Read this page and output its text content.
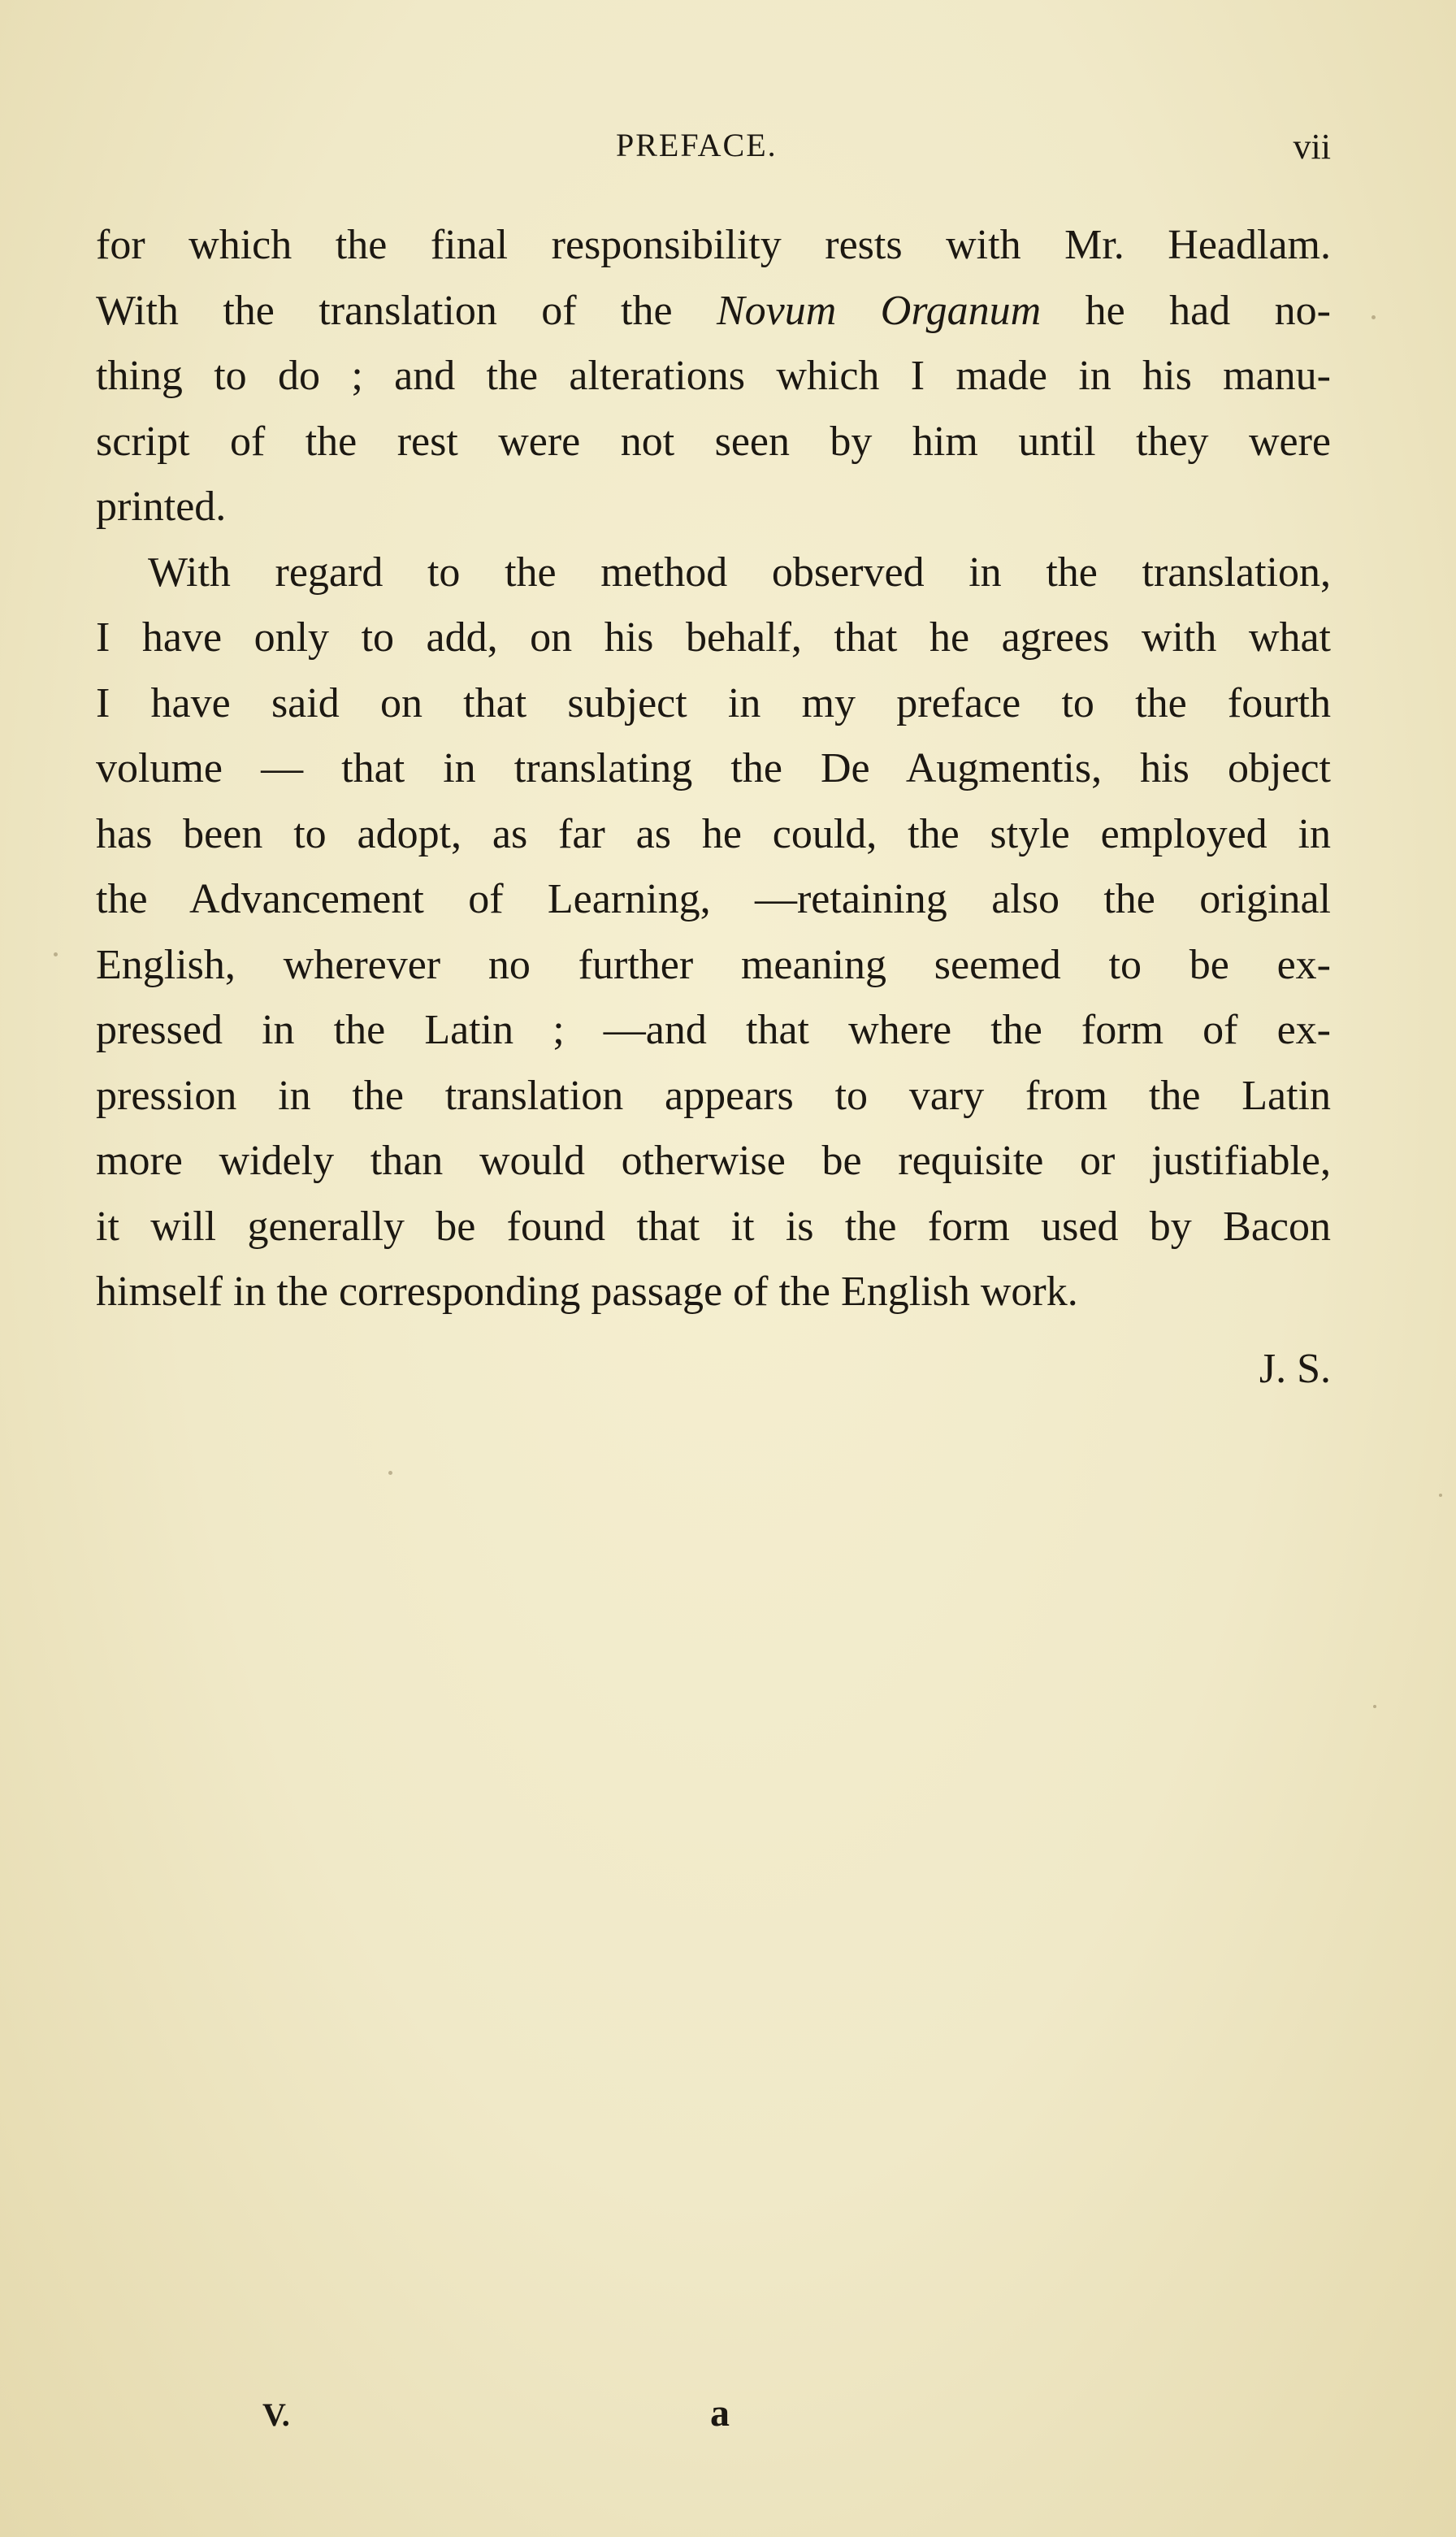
PREFACE.	vii
for which the final responsibility rests with Mr. Headlam.
With the translation of the Novum Organum he had no-
thing to do ; and the alterations which I made in his manu-
script of the rest were not seen by him until they were
printed.
With regard to the method observed in the translation,
I have only to add, on his behalf, that he agrees with what
I have said on that subject in my preface to the fourth
volume — that in translating the De Augmentis, his object
has been to adopt, as far as he could, the style employed in
the Advancement of Learning, —retaining also the original
English, wherever no further meaning seemed to be ex-
pressed in the Latin ; —and that where the form of ex-
pression in the translation appears to vary from the Latin
more widely than would otherwise be requisite or justifiable,
it will generally be found that it is the form used by Bacon
himself in the corresponding passage of the English work.
J. S.
V.	a
